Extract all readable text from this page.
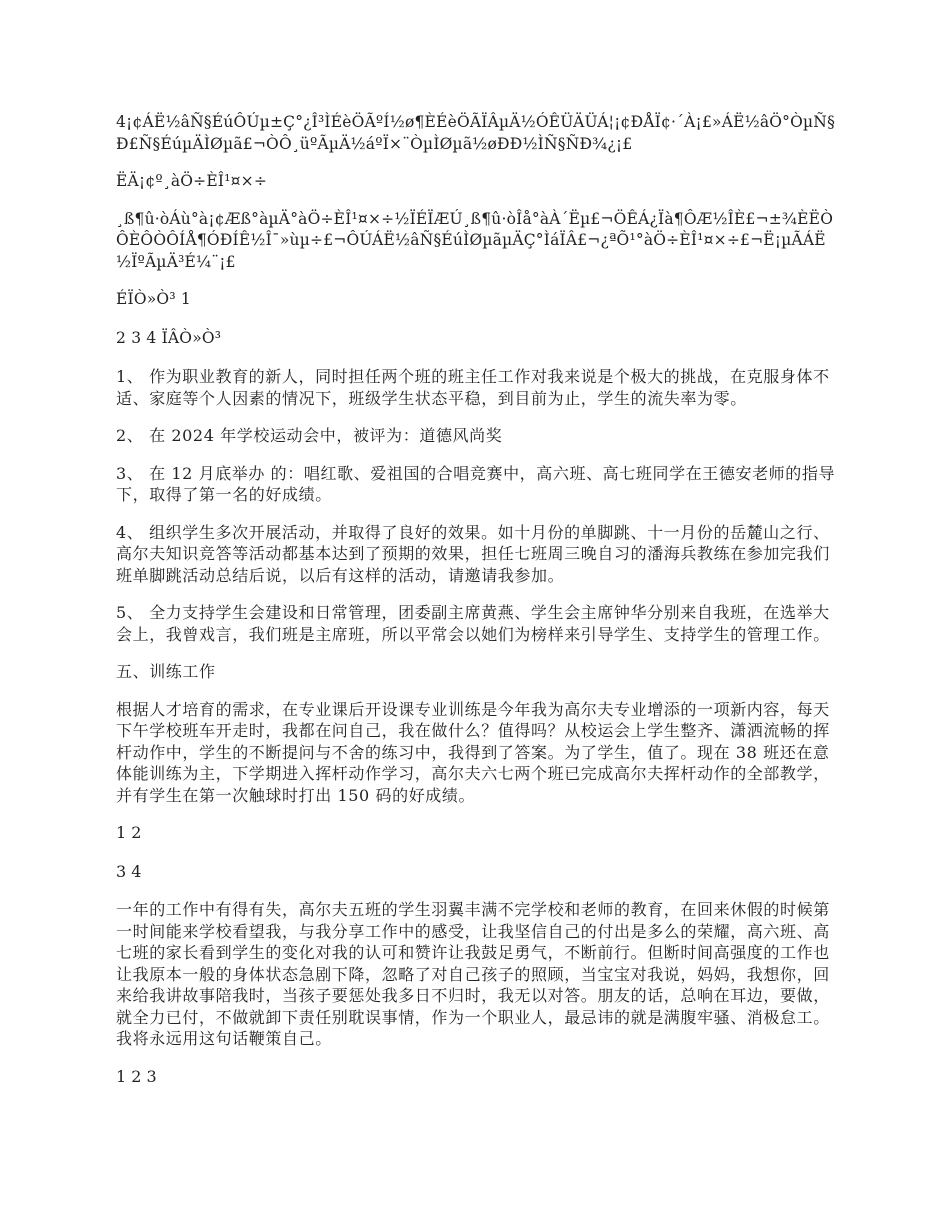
4¡¢ÁË½âÑ§ÉúÔÚµ±Ç°¿Î³ÌÉèÖÃºÍ½ø¶ÈÉèÖÃÏÂµÄ½ÓÊÜÄÜÁ¦¡¢ÐÅÏ¢·´À¡£»ÁË½âÖ°ÒµÑ§Ð£Ñ§ÉúµÄÌØµã£¬ÒÔ¸üºÃµÄ½áºÏ×¨ÒµÌØµã½øÐÐ½ÌÑ§ÑÐ¾¿¡£

ËÄ¡¢º¸àÖ÷ÈÎ¹¤×÷

¸ß¶û·òÁù°à¡¢Æß°àµÄ°àÖ÷ÈÎ¹¤×÷½ÏÉÏÆÚ¸ß¶û·òÎå°àÀ´Ëµ£¬ÖÊÁ¿Ïà¶ÔÆ½ÎÈ£¬±¾ÈËÒÔÈÔÒÔÍÅ¶ÓÐÍÊ½Î¯»ùµ÷£¬ÔÚÁË½âÑ§ÉúÌØµãµÄÇ°ÌáÏÂ£¬¿ªÕ¹°àÖ÷ÈÎ¹¤×÷£¬Ë¡µÃÁË½ÏºÃµÄ³É¼¨¡£

ÉÏÒ»Ò³ 1

2 3 4 ÏÂÒ»Ò³

1、 作为职业教育的新人，同时担任两个班的班主任工作对我来说是个极大的挑战，在克服身体不适、家庭等个人因素的情况下，班级学生状态平稳，到目前为止，学生的流失率为零。

2、 在 2024 年学校运动会中，被评为：道德风尚奖

3、 在 12 月底举办 的：唱红歌、爱祖国的合唱竞赛中，高六班、高七班同学在王德安老师的指导下，取得了第一名的好成绩。

4、 组织学生多次开展活动，并取得了良好的效果。如十月份的单脚跳、十一月份的岳麓山之行、高尔夫知识竞答等活动都基本达到了预期的效果，担任七班周三晚自习的潘海兵教练在参加完我们班单脚跳活动总结后说，以后有这样的活动，请邀请我参加。

5、 全力支持学生会建设和日常管理，团委副主席黄燕、学生会主席钟华分别来自我班，在选举大会上，我曾戏言，我们班是主席班，所以平常会以她们为榜样来引导学生、支持学生的管理工作。

五、训练工作

根据人才培育的需求，在专业课后开设课专业训练是今年我为高尔夫专业增添的一项新内容，每天下午学校班车开走时，我都在问自己，我在做什么？值得吗？从校运会上学生整齐、潇洒流畅的挥杆动作中，学生的不断提问与不舍的练习中，我得到了答案。为了学生，值了。现在 38 班还在意体能训练为主，下学期进入挥杆动作学习，高尔夫六七两个班已完成高尔夫挥杆动作的全部教学，并有学生在第一次触球时打出 150 码的好成绩。

1 2

3 4

一年的工作中有得有失，高尔夫五班的学生羽翼丰满不完学校和老师的教育，在回来休假的时候第一时间能来学校看望我，与我分享工作中的感受，让我坚信自己的付出是多么的荣耀，高六班、高七班的家长看到学生的变化对我的认可和赞许让我鼓足勇气，不断前行。但断时间高强度的工作也让我原本一般的身体状态急剧下降，忽略了对自己孩子的照顾，当宝宝对我说，妈妈，我想你，回来给我讲故事陪我时，当孩子要惩处我多日不归时，我无以对答。朋友的话，总响在耳边，要做，就全力已付，不做就卸下责任别耽误事情，作为一个职业人，最忌讳的就是满腹牢骚、消极怠工。我将永远用这句话鞭策自己。

1 2 3
